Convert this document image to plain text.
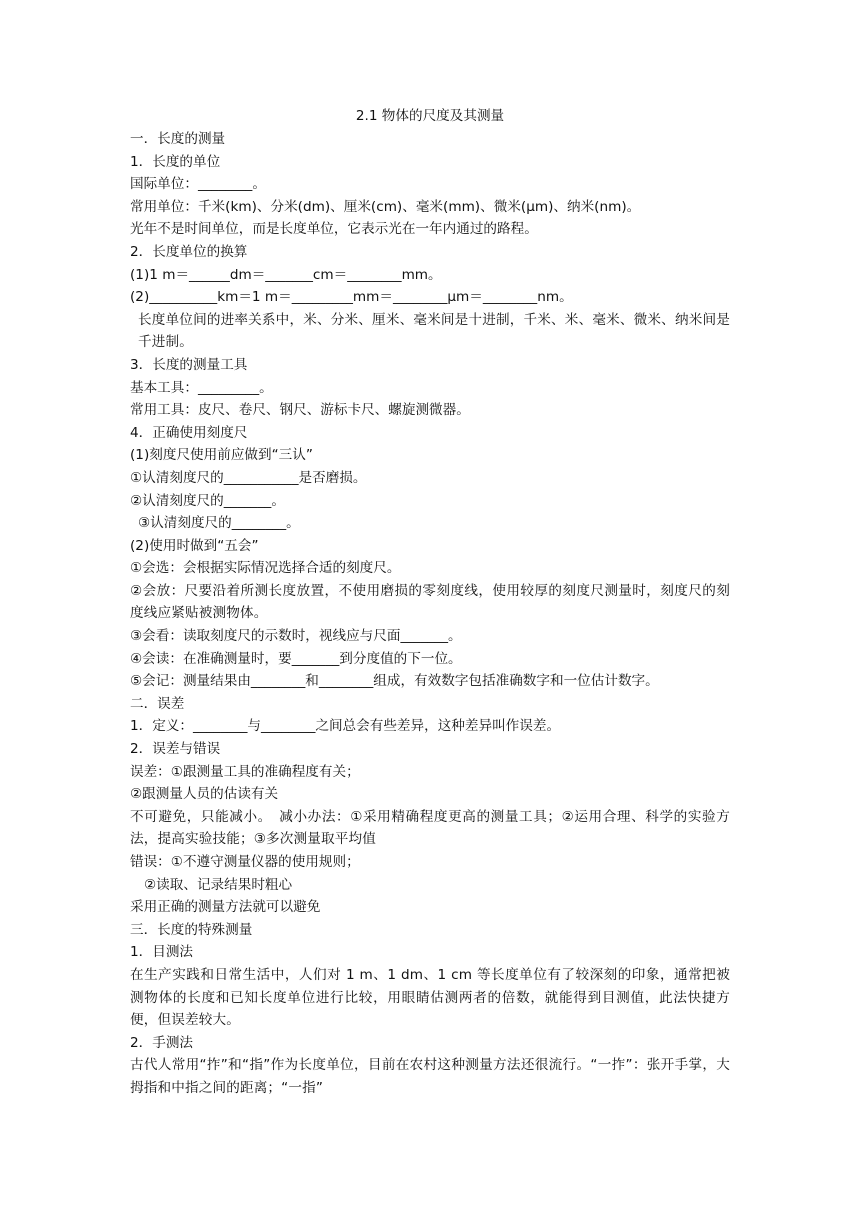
2.1 物体的尺度及其测量
一．长度的测量
1．长度的单位
国际单位：________。
常用单位：千米(km)、分米(dm)、厘米(cm)、毫米(mm)、微米(μm)、纳米(nm)。
光年不是时间单位，而是长度单位，它表示光在一年内通过的路程。
2．长度单位的换算
(1)1 m＝______dm＝_______cm＝________mm。
(2)__________km＝1 m＝_________mm＝________μm＝________nm。
长度单位间的进率关系中，米、分米、厘米、毫米间是十进制，千米、米、毫米、微米、纳米间是千进制。
3．长度的测量工具
基本工具：_________。
常用工具：皮尺、卷尺、钢尺、游标卡尺、螺旋测微器。
4．正确使用刻度尺
(1)刻度尺使用前应做到“三认”
①认清刻度尺的___________是否磨损。
②认清刻度尺的_______。
③认清刻度尺的________。
(2)使用时做到“五会”
①会选：会根据实际情况选择合适的刻度尺。
②会放：尺要沿着所测长度放置，不使用磨损的零刻度线，使用较厚的刻度尺测量时，刻度尺的刻度线应紧贴被测物体。
③会看：读取刻度尺的示数时，视线应与尺面_______。
④会读：在准确测量时，要_______到分度值的下一位。
⑤会记：测量结果由________和________组成，有效数字包括准确数字和一位估计数字。
二．误差
1．定义：________与________之间总会有些差异，这种差异叫作误差。
2．误差与错误
误差：①跟测量工具的准确程度有关；
②跟测量人员的估读有关
不可避免，只能减小。　减小办法：①采用精确程度更高的测量工具；②运用合理、科学的实验方法，提高实验技能；③多次测量取平均值
错误：①不遵守测量仪器的使用规则；
②读取、记录结果时粗心
采用正确的测量方法就可以避免
三．长度的特殊测量
1．目测法
在生产实践和日常生活中，人们对 1 m、1 dm、1 cm 等长度单位有了较深刻的印象，通常把被测物体的长度和已知长度单位进行比较，用眼睛估测两者的倍数，就能得到目测值，此法快捷方便，但误差较大。
2．手测法
古代人常用“拃”和“指”作为长度单位，目前在农村这种测量方法还很流行。“一拃”：张开手掌，大拇指和中指之间的距离；“一指”
